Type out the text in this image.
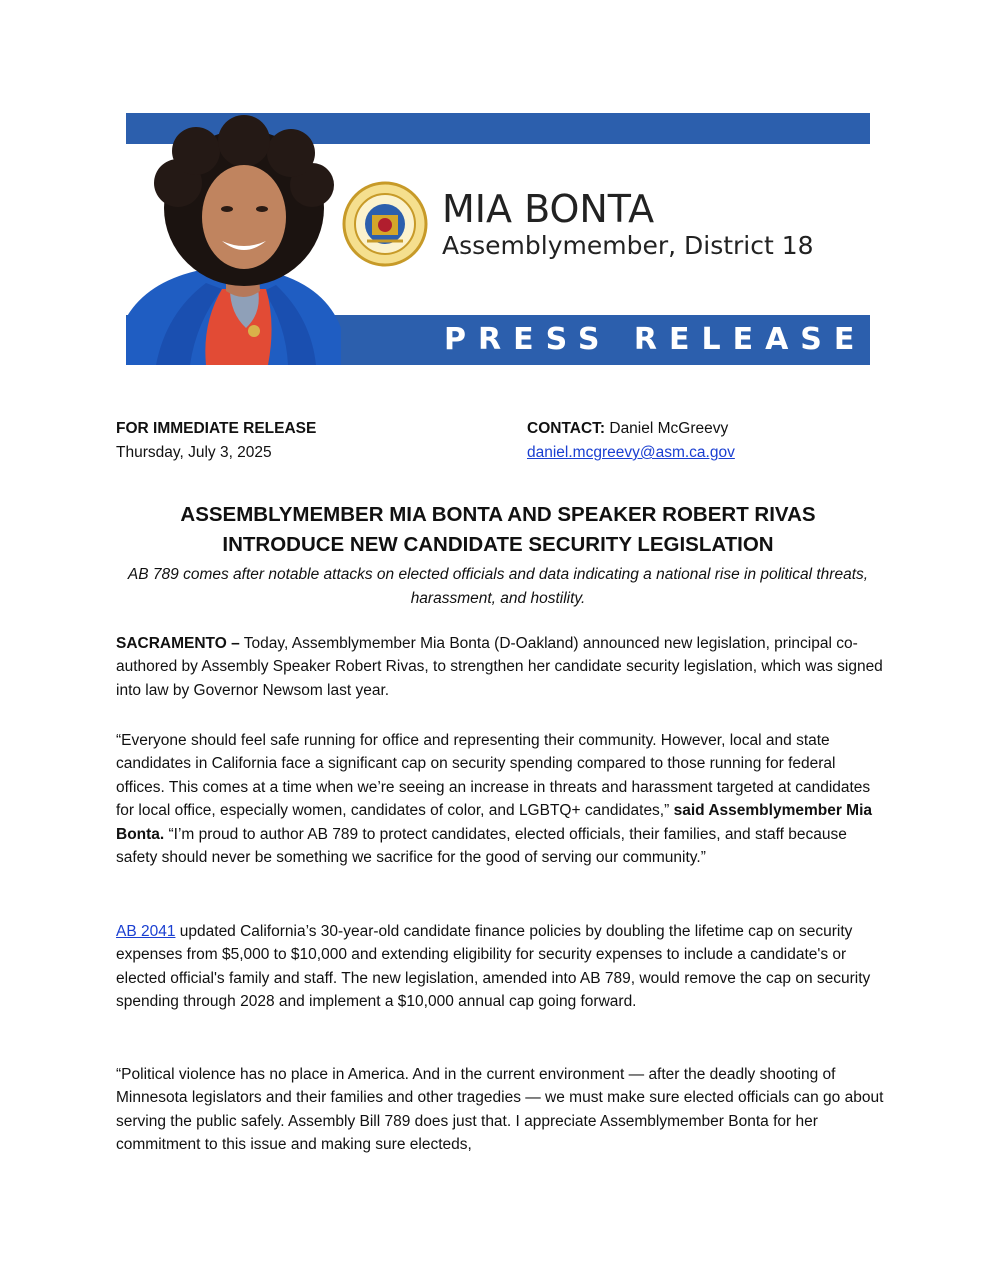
PRESS RELEASE
MIA BONTA
Assemblymember, District 18
FOR IMMEDIATE RELEASE
Thursday, July 3, 2025
CONTACT: Daniel McGreevy
daniel.mcgreevy@asm.ca.gov
ASSEMBLYMEMBER MIA BONTA AND SPEAKER ROBERT RIVAS
INTRODUCE NEW CANDIDATE SECURITY LEGISLATION
AB 789 comes after notable attacks on elected officials and data indicating a national rise in political threats, harassment, and hostility.

SACRAMENTO – Today, Assemblymember Mia Bonta (D-Oakland) announced new legislation, principal co-authored by Assembly Speaker Robert Rivas, to strengthen her candidate security legislation, which was signed into law by Governor Newsom last year.

“Everyone should feel safe running for office and representing their community. However, local and state candidates in California face a significant cap on security spending compared to those running for federal offices. This comes at a time when we’re seeing an increase in threats and harassment targeted at candidates for local office, especially women, candidates of color, and LGBTQ+ candidates,” said Assemblymember Mia Bonta. “I’m proud to author AB 789 to protect candidates, elected officials, their families, and staff because safety should never be something we sacrifice for the good of serving our community.”

AB 2041 updated California’s 30-year-old candidate finance policies by doubling the lifetime cap on security expenses from $5,000 to $10,000 and extending eligibility for security expenses to include a candidate's or elected official's family and staff. The new legislation, amended into AB 789, would remove the cap on security spending through 2028 and implement a $10,000 annual cap going forward.

“Political violence has no place in America. And in the current environment — after the deadly shooting of Minnesota legislators and their families and other tragedies — we must make sure elected officials can go about serving the public safely. Assembly Bill 789 does just that. I appreciate Assemblymember Bonta for her commitment to this issue and making sure electeds,
